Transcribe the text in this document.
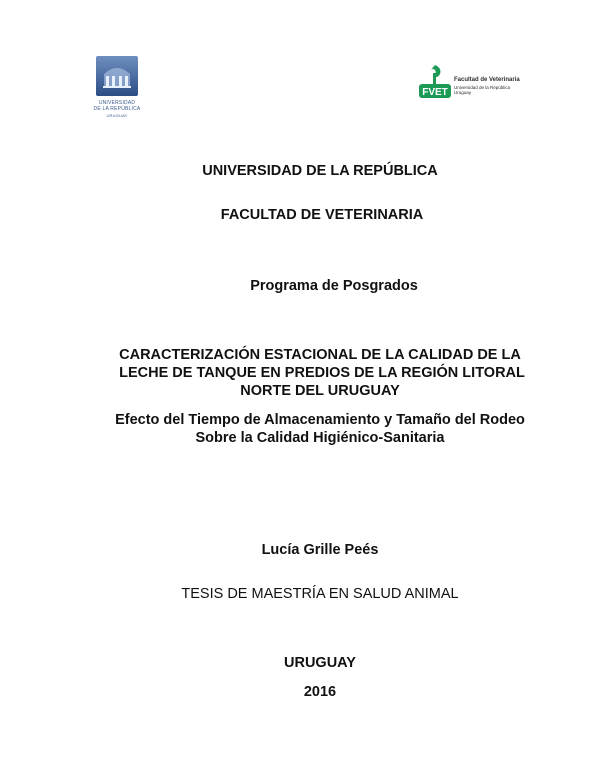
UNIVERSIDAD
DE LA REPÚBLICA
URUGUAY
FVET
Facultad de Veterinaria
Universidad de la República
Uruguay
UNIVERSIDAD DE LA REPÚBLICA
FACULTAD DE VETERINARIA
Programa de Posgrados
CARACTERIZACIÓN ESTACIONAL DE LA CALIDAD DE LA
LECHE DE TANQUE EN PREDIOS DE LA REGIÓN LITORAL
NORTE DEL URUGUAY
Efecto del Tiempo de Almacenamiento y Tamaño del Rodeo
Sobre la Calidad Higiénico-Sanitaria
Lucía Grille Peés
TESIS DE MAESTRÍA EN SALUD ANIMAL
URUGUAY
2016
